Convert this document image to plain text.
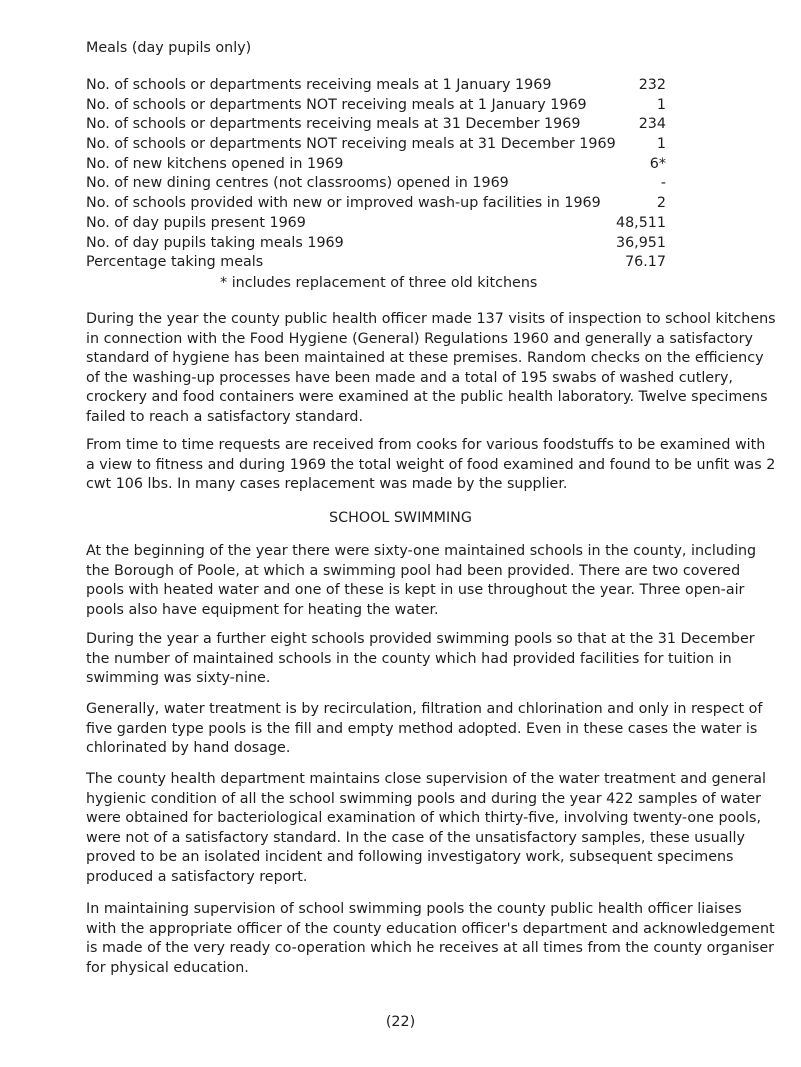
Meals (day pupils only)
No. of schools or departments receiving meals at 1 January 1969	232
No. of schools or departments NOT receiving meals at 1 January 1969	1
No. of schools or departments receiving meals at 31 December 1969	234
No. of schools or departments NOT receiving meals at 31 December 1969	1
No. of new kitchens opened in 1969	6*
No. of new dining centres (not classrooms) opened in 1969	-
No. of schools provided with new or improved wash-up facilities in 1969	2
No. of day pupils present 1969	48,511
No. of day pupils taking meals 1969	36,951
Percentage taking meals	76.17
* includes replacement of three old kitchens

During the year the county public health officer made 137 visits of inspection to school kitchens in connection with the Food Hygiene (General) Regulations 1960 and generally a satisfactory standard of hygiene has been maintained at these premises. Random checks on the efficiency of the washing-up processes have been made and a total of 195 swabs of washed cutlery, crockery and food containers were examined at the public health laboratory. Twelve specimens failed to reach a satisfactory standard.

From time to time requests are received from cooks for various foodstuffs to be examined with a view to fitness and during 1969 the total weight of food examined and found to be unfit was 2 cwt 106 lbs. In many cases replacement was made by the supplier.

SCHOOL SWIMMING

At the beginning of the year there were sixty-one maintained schools in the county, including the Borough of Poole, at which a swimming pool had been provided. There are two covered pools with heated water and one of these is kept in use throughout the year. Three open-air pools also have equipment for heating the water.

During the year a further eight schools provided swimming pools so that at the 31 December the number of maintained schools in the county which had provided facilities for tuition in swimming was sixty-nine.

Generally, water treatment is by recirculation, filtration and chlorination and only in respect of five garden type pools is the fill and empty method adopted. Even in these cases the water is chlorinated by hand dosage.

The county health department maintains close supervision of the water treatment and general hygienic condition of all the school swimming pools and during the year 422 samples of water were obtained for bacteriological examination of which thirty-five, involving twenty-one pools, were not of a satisfactory standard. In the case of the unsatisfactory samples, these usually proved to be an isolated incident and following investigatory work, subsequent specimens produced a satisfactory report.

In maintaining supervision of school swimming pools the county public health officer liaises with the appropriate officer of the county education officer's department and acknowledgement is made of the very ready co-operation which he receives at all times from the county organiser for physical education.

(22)
